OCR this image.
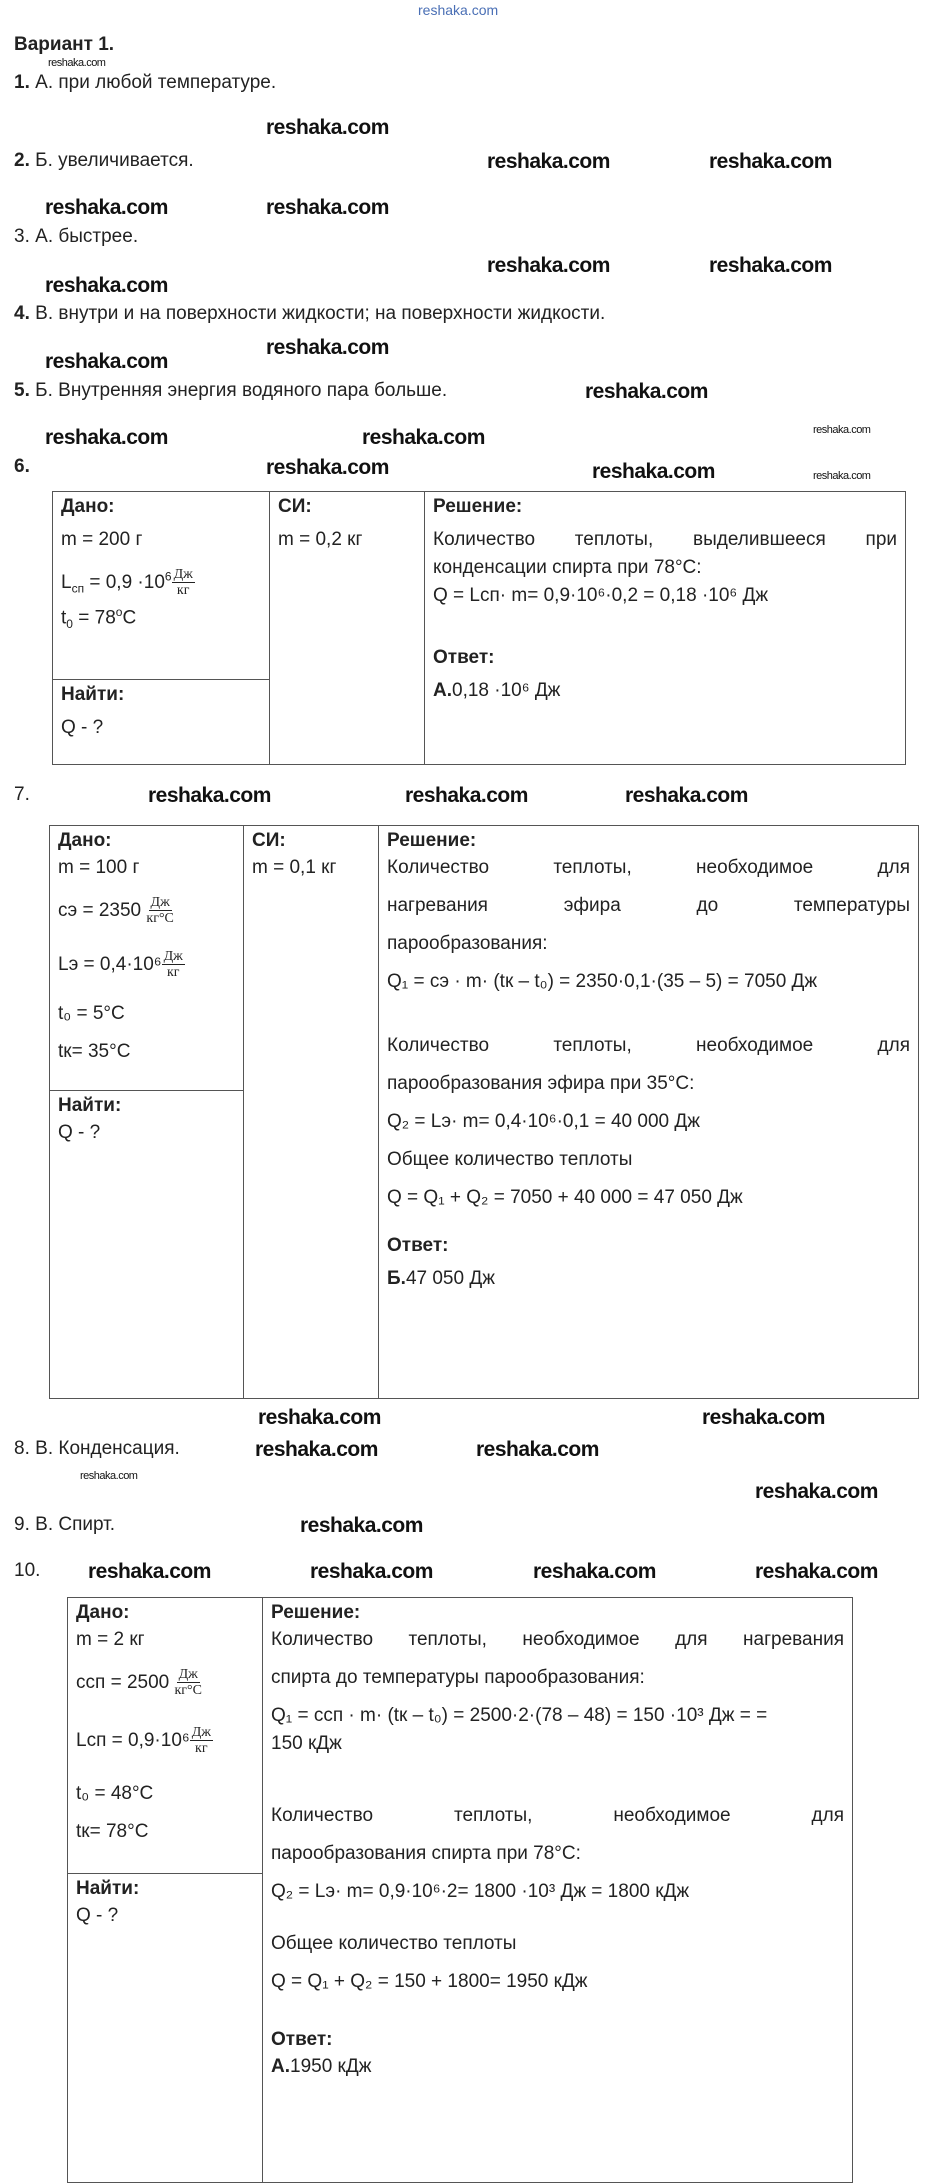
reshaka.com
Вариант 1.
1. А. при любой температуре.
2. Б. увеличивается.
3. А. быстрее.
4. В. внутри и на поверхности жидкости; на поверхности жидкости.
5. Б. Внутренняя энергия водяного пара больше.
6.
Дано:
m = 200 г
$L_{сп} = 0,9 \cdot 10^6 \frac{Дж}{кг}$
$t_0 = 78^oC$

СИ:
m = 0,2 кг

Решение:
Количество теплоты, выделившееся при
конденсации спирта при 78°C:
Q = Lсп· m= 0,9·10⁶·0,2 = 0,18 ·10⁶ Дж
Ответ:
А.0,18 ·10⁶ Дж

Найти:
Q - ?
7.
Дано:
m = 100 г
cэ = $2350 \frac{Дж}{кг^\circ C}$
Lэ = $0,4\cdot 10^6 \frac{Дж}{кг}$
t₀ = 5°C
tк= 35°C

СИ:
m = 0,1 кг

Решение:
Количество теплоты, необходимое для
нагревания эфира до температуры
парообразования:
Q₁ = cэ · m· (tк – t₀) = 2350·0,1·(35 – 5) = 7050 Дж
Количество теплоты, необходимое для
парообразования эфира при 35°C:
Q₂ = Lэ· m= 0,4·10⁶·0,1 = 40 000 Дж
Общее количество теплоты
Q = Q₁ + Q₂ = 7050 + 40 000 = 47 050 Дж
Ответ:
Б.47 050 Дж

Найти:
Q - ?
8. В. Конденсация.
9. В. Спирт.
10.
Дано:
m = 2 кг
cсп = $2500 \frac{Дж}{кг^\circ C}$
Lсп = $0,9\cdot 10^6 \frac{Дж}{кг}$
t₀ = 48°C
tк= 78°C

Решение:
Количество теплоты, необходимое для нагревания
спирта до температуры парообразования:
Q₁ = cсп · m· (tк – t₀) = 2500·2·(78 – 48) = 150 ·10³ Дж = =
150 кДж
Количество теплоты, необходимое для
парообразования спирта при 78°C:
Q₂ = Lэ· m= 0,9·10⁶·2= 1800 ·10³ Дж = 1800 кДж
Общее количество теплоты
Q = Q₁ + Q₂ = 150 + 1800= 1950 кДж
Ответ:
А.1950 кДж

Найти:
Q - ?
reshaka.com
reshaka.com
reshaka.com	reshaka.com
reshaka.com	reshaka.com
reshaka.com	reshaka.com
reshaka.com
reshaka.com
reshaka.com
reshaka.com
reshaka.com
reshaka.com
reshaka.com
reshaka.com	reshaka.com	reshaka.com
reshaka.com	reshaka.com	reshaka.com
reshaka.com	reshaka.com
reshaka.com	reshaka.com
reshaka.com
reshaka.com
reshaka.com
reshaka.com	reshaka.com	reshaka.com	reshaka.com
